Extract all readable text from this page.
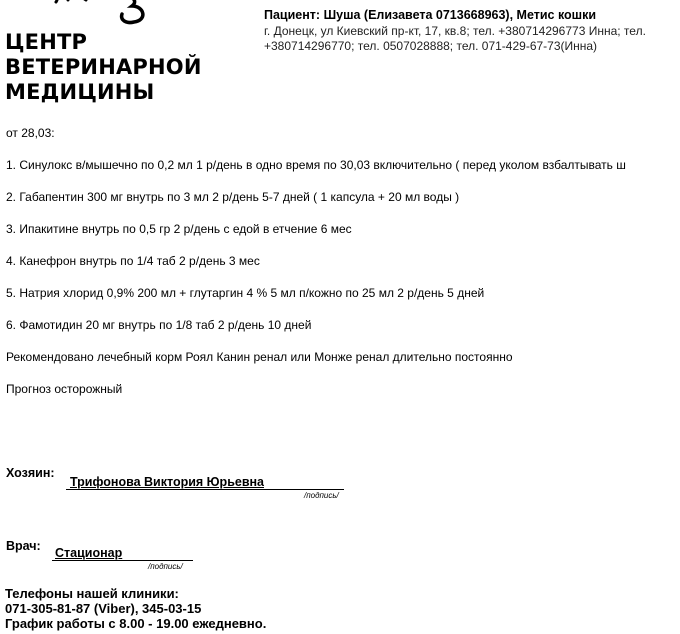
ЦЕНТР
ВЕТЕРИНАРНОЙ
МЕДИЦИНЫ
Пациент: Шуша (Елизавета 0713668963), Метис кошки
г. Донецк, ул Киевский пр-кт, 17, кв.8; тел. +380714296773 Инна; тел.
+380714296770; тел. 0507028888; тел. 071-429-67-73(Инна)
от 28,03:
1. Синулокс в/мышечно по 0,2 мл 1 р/день в одно время по 30,03 включительно ( перед уколом взбалтывать ш
2. Габапентин 300 мг внутрь по 3 мл 2 р/день 5-7 дней ( 1 капсула + 20 мл воды )
3. Ипакитине внутрь по 0,5 гр 2 р/день с едой в етчение 6 мес
4. Канефрон внутрь по 1/4 таб 2 р/день 3 мес
5. Натрия хлорид 0,9% 200 мл + глутаргин 4 % 5 мл п/кожно по 25 мл 2 р/день 5 дней
6. Фамотидин 20 мг внутрь по 1/8 таб 2 р/день 10 дней
Рекомендовано лечебный корм Роял Канин ренал или Монже ренал длительно постоянно
Прогноз осторожный
Хозяин:
Трифонова Виктория Юрьевна
/подпись/
Врач: Стационар
/подпись/
Телефоны нашей клиники:
071-305-81-87 (Viber), 345-03-15
График работы с 8.00 - 19.00 ежедневно.
